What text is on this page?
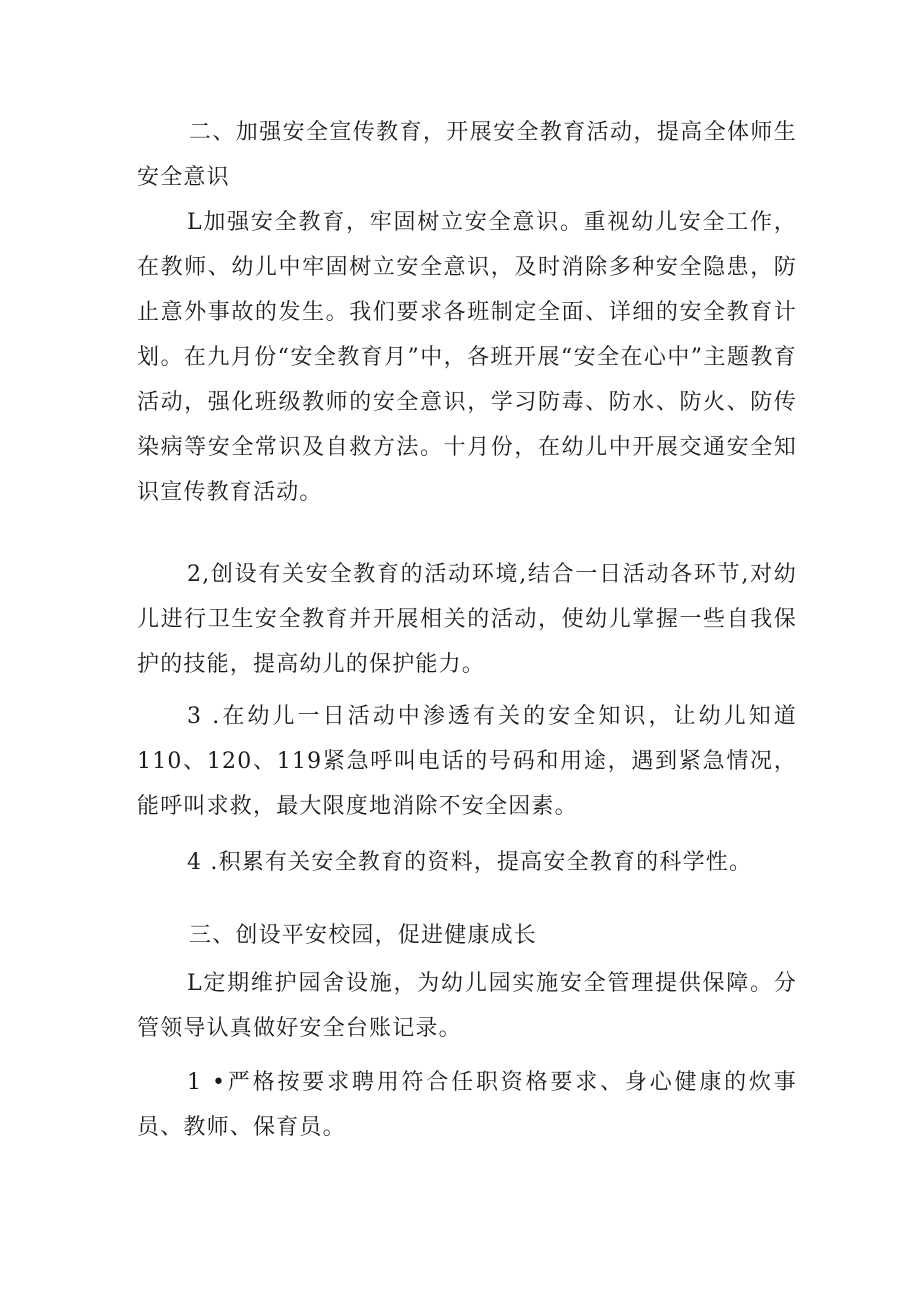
二、加强安全宣传教育，开展安全教育活动，提高全体师生安全意识

L加强安全教育，牢固树立安全意识。重视幼儿安全工作，在教师、幼儿中牢固树立安全意识，及时消除多种安全隐患，防止意外事故的发生。我们要求各班制定全面、详细的安全教育计划。在九月份“安全教育月”中，各班开展“安全在心中”主题教育活动，强化班级教师的安全意识，学习防毒、防水、防火、防传染病等安全常识及自救方法。十月份，在幼儿中开展交通安全知识宣传教育活动。

2,创设有关安全教育的活动环境,结合一日活动各环节,对幼儿进行卫生安全教育并开展相关的活动，使幼儿掌握一些自我保护的技能，提高幼儿的保护能力。

3 .在幼儿一日活动中渗透有关的安全知识，让幼儿知道110、120、119紧急呼叫电话的号码和用途，遇到紧急情况，能呼叫求救，最大限度地消除不安全因素。

4 .积累有关安全教育的资料，提高安全教育的科学性。

三、创设平安校园，促进健康成长

L定期维护园舍设施，为幼儿园实施安全管理提供保障。分管领导认真做好安全台账记录。

1 •严格按要求聘用符合任职资格要求、身心健康的炊事员、教师、保育员。
